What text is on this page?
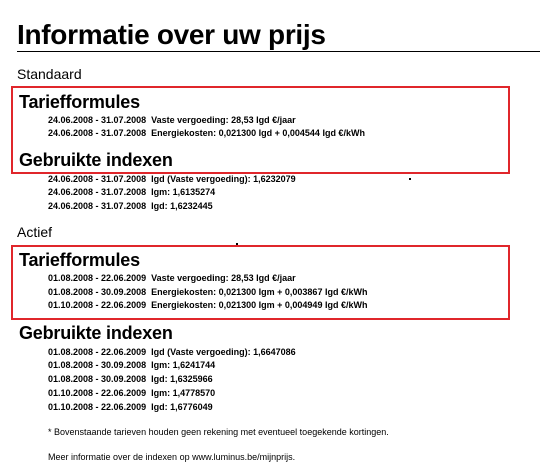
Informatie over uw prijs
Standaard
Tariefformules
24.06.2008 - 31.07.2008 Vaste vergoeding: 28,53 Igd €/jaar
24.06.2008 - 31.07.2008 Energiekosten: 0,021300 Igd + 0,004544 Igd €/kWh
Gebruikte indexen
24.06.2008 - 31.07.2008 Igd (Vaste vergoeding): 1,6232079
24.06.2008 - 31.07.2008 Igm: 1,6135274
24.06.2008 - 31.07.2008 Igd: 1,6232445
Actief
Tariefformules
01.08.2008 - 22.06.2009 Vaste vergoeding: 28,53 Igd €/jaar
01.08.2008 - 30.09.2008 Energiekosten: 0,021300 Igm + 0,003867 Igd €/kWh
01.10.2008 - 22.06.2009 Energiekosten: 0,021300 Igm + 0,004949 Igd €/kWh
Gebruikte indexen
01.08.2008 - 22.06.2009 Igd (Vaste vergoeding): 1,6647086
01.08.2008 - 30.09.2008 Igm: 1,6241744
01.08.2008 - 30.09.2008 Igd: 1,6325966
01.10.2008 - 22.06.2009 Igm: 1,4778570
01.10.2008 - 22.06.2009 Igd: 1,6776049
* Bovenstaande tarieven houden geen rekening met eventueel toegekende kortingen.
Meer informatie over de indexen op www.luminus.be/mijnprijs.
